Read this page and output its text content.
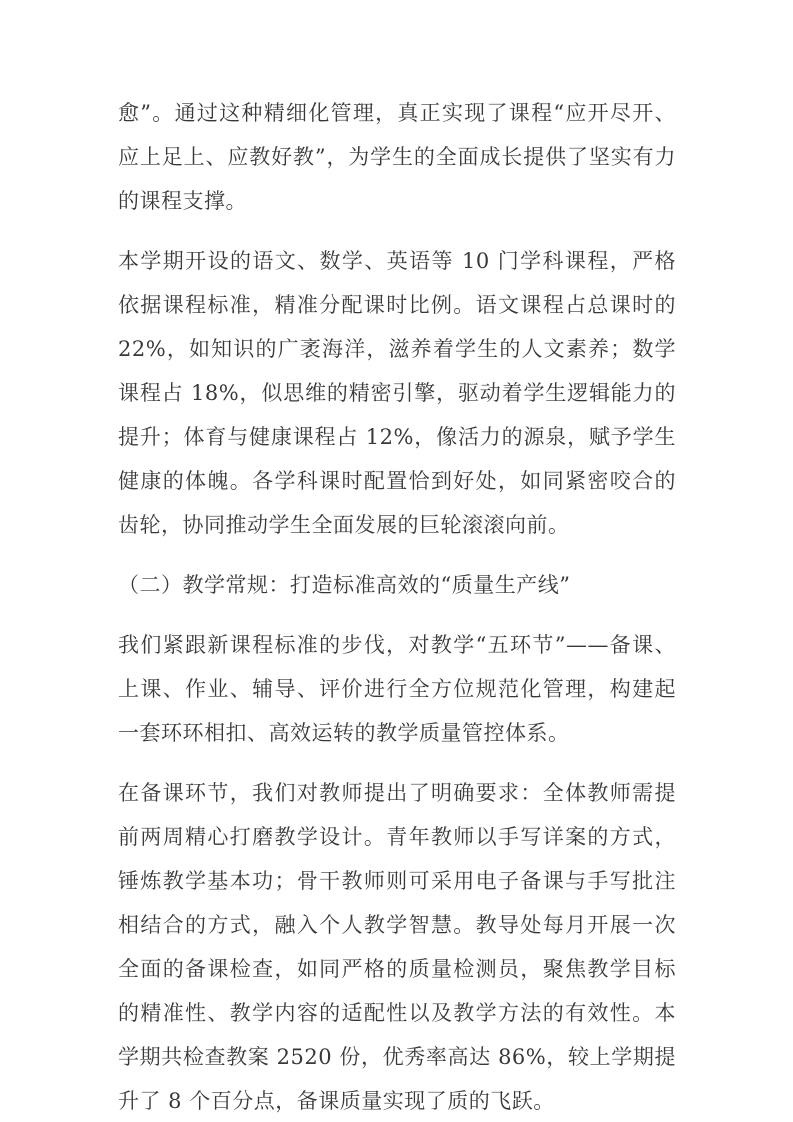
愈”。通过这种精细化管理，真正实现了课程“应开尽开、应上足上、应教好教”，为学生的全面成长提供了坚实有力的课程支撑。

本学期开设的语文、数学、英语等 10 门学科课程，严格依据课程标准，精准分配课时比例。语文课程占总课时的 22%，如知识的广袤海洋，滋养着学生的人文素养；数学课程占 18%，似思维的精密引擎，驱动着学生逻辑能力的提升；体育与健康课程占 12%，像活力的源泉，赋予学生健康的体魄。各学科课时配置恰到好处，如同紧密咬合的齿轮，协同推动学生全面发展的巨轮滚滚向前。

（二）教学常规：打造标准高效的“质量生产线”

我们紧跟新课程标准的步伐，对教学“五环节”——备课、上课、作业、辅导、评价进行全方位规范化管理，构建起一套环环相扣、高效运转的教学质量管控体系。

在备课环节，我们对教师提出了明确要求：全体教师需提前两周精心打磨教学设计。青年教师以手写详案的方式，锤炼教学基本功；骨干教师则可采用电子备课与手写批注相结合的方式，融入个人教学智慧。教导处每月开展一次全面的备课检查，如同严格的质量检测员，聚焦教学目标的精准性、教学内容的适配性以及教学方法的有效性。本学期共检查教案 2520 份，优秀率高达 86%，较上学期提升了 8 个百分点，备课质量实现了质的飞跃。
